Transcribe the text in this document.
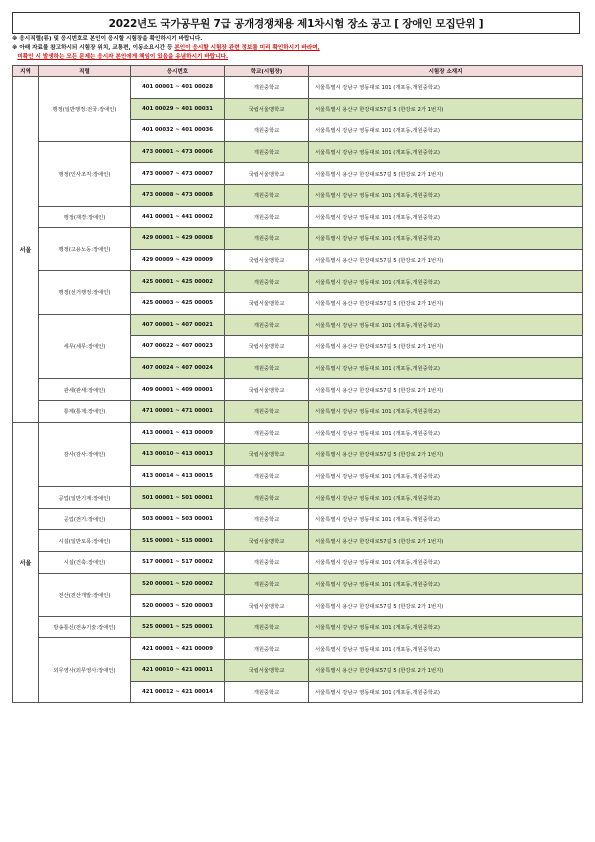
2022년도 국가공무원 7급 공개경쟁채용 제1차시험 장소 공고 [ 장애인 모집단위 ]
※ 응시직렬(류) 및 응시번호로 본인이 응시할 시험장을 확인하시기 바랍니다.
※ 아래 자료를 참고하시되 시험장 위치, 교통편, 이동소요시간 등 본인이 응시할 시험장 관련 정보를 미리 확인하시기 바라며,
미확인 시 발생하는 모든 문제는 응시자 본인에게 책임이 있음을 유념하시기 바랍니다.
지역	직렬	응시번호	학교(시험장)	시험장 소재지
서울	행정(일반행정:전국:장애인)	401 00001 ~ 401 00028	개원중학교	서울특별시 강남구 영동대로 101 (개포동,개원중학교)
		401 00029 ~ 401 00031	국립서울맹학교	서울특별시 용산구 한강대로57길 5 (한강로 2가 1번지)
		401 00032 ~ 401 00036	개원중학교	서울특별시 강남구 영동대로 101 (개포동,개원중학교)
	행정(인사조직:장애인)	473 00001 ~ 473 00006	개원중학교	서울특별시 강남구 영동대로 101 (개포동,개원중학교)
		473 00007 ~ 473 00007	국립서울맹학교	서울특별시 용산구 한강대로57길 5 (한강로 2가 1번지)
		473 00008 ~ 473 00008	개원중학교	서울특별시 강남구 영동대로 101 (개포동,개원중학교)
	행정(재경:장애인)	441 00001 ~ 441 00002	개원중학교	서울특별시 강남구 영동대로 101 (개포동,개원중학교)
	행정(고용노동:장애인)	429 00001 ~ 429 00008	개원중학교	서울특별시 강남구 영동대로 101 (개포동,개원중학교)
		429 00009 ~ 429 00009	국립서울맹학교	서울특별시 용산구 한강대로57길 5 (한강로 2가 1번지)
	행정(선거행정:장애인)	425 00001 ~ 425 00002	개원중학교	서울특별시 강남구 영동대로 101 (개포동,개원중학교)
		425 00003 ~ 425 00005	국립서울맹학교	서울특별시 용산구 한강대로57길 5 (한강로 2가 1번지)
	세무(세무:장애인)	407 00001 ~ 407 00021	개원중학교	서울특별시 강남구 영동대로 101 (개포동,개원중학교)
		407 00022 ~ 407 00023	국립서울맹학교	서울특별시 용산구 한강대로57길 5 (한강로 2가 1번지)
		407 00024 ~ 407 00024	개원중학교	서울특별시 강남구 영동대로 101 (개포동,개원중학교)
	관세(관세:장애인)	409 00001 ~ 409 00001	국립서울맹학교	서울특별시 용산구 한강대로57길 5 (한강로 2가 1번지)
	통계(통계:장애인)	471 00001 ~ 471 00001	개원중학교	서울특별시 강남구 영동대로 101 (개포동,개원중학교)
서울	감사(감사:장애인)	413 00001 ~ 413 00009	개원중학교	서울특별시 강남구 영동대로 101 (개포동,개원중학교)
		413 00010 ~ 413 00013	국립서울맹학교	서울특별시 용산구 한강대로57길 5 (한강로 2가 1번지)
		413 00014 ~ 413 00015	개원중학교	서울특별시 강남구 영동대로 101 (개포동,개원중학교)
	공업(일반기계:장애인)	501 00001 ~ 501 00001	개원중학교	서울특별시 강남구 영동대로 101 (개포동,개원중학교)
	공업(전기:장애인)	503 00001 ~ 503 00001	개원중학교	서울특별시 강남구 영동대로 101 (개포동,개원중학교)
	시설(일반토목:장애인)	515 00001 ~ 515 00001	국립서울맹학교	서울특별시 용산구 한강대로57길 5 (한강로 2가 1번지)
	시설(건축:장애인)	517 00001 ~ 517 00002	개원중학교	서울특별시 강남구 영동대로 101 (개포동,개원중학교)
	전산(전산개발:장애인)	520 00001 ~ 520 00002	개원중학교	서울특별시 강남구 영동대로 101 (개포동,개원중학교)
		520 00003 ~ 520 00003	국립서울맹학교	서울특별시 용산구 한강대로57길 5 (한강로 2가 1번지)
	방송통신(전송기술:장애인)	525 00001 ~ 525 00001	개원중학교	서울특별시 강남구 영동대로 101 (개포동,개원중학교)
	외무영사(외무영사:장애인)	421 00001 ~ 421 00009	개원중학교	서울특별시 강남구 영동대로 101 (개포동,개원중학교)
		421 00010 ~ 421 00011	국립서울맹학교	서울특별시 용산구 한강대로57길 5 (한강로 2가 1번지)
		421 00012 ~ 421 00014	개원중학교	서울특별시 강남구 영동대로 101 (개포동,개원중학교)
